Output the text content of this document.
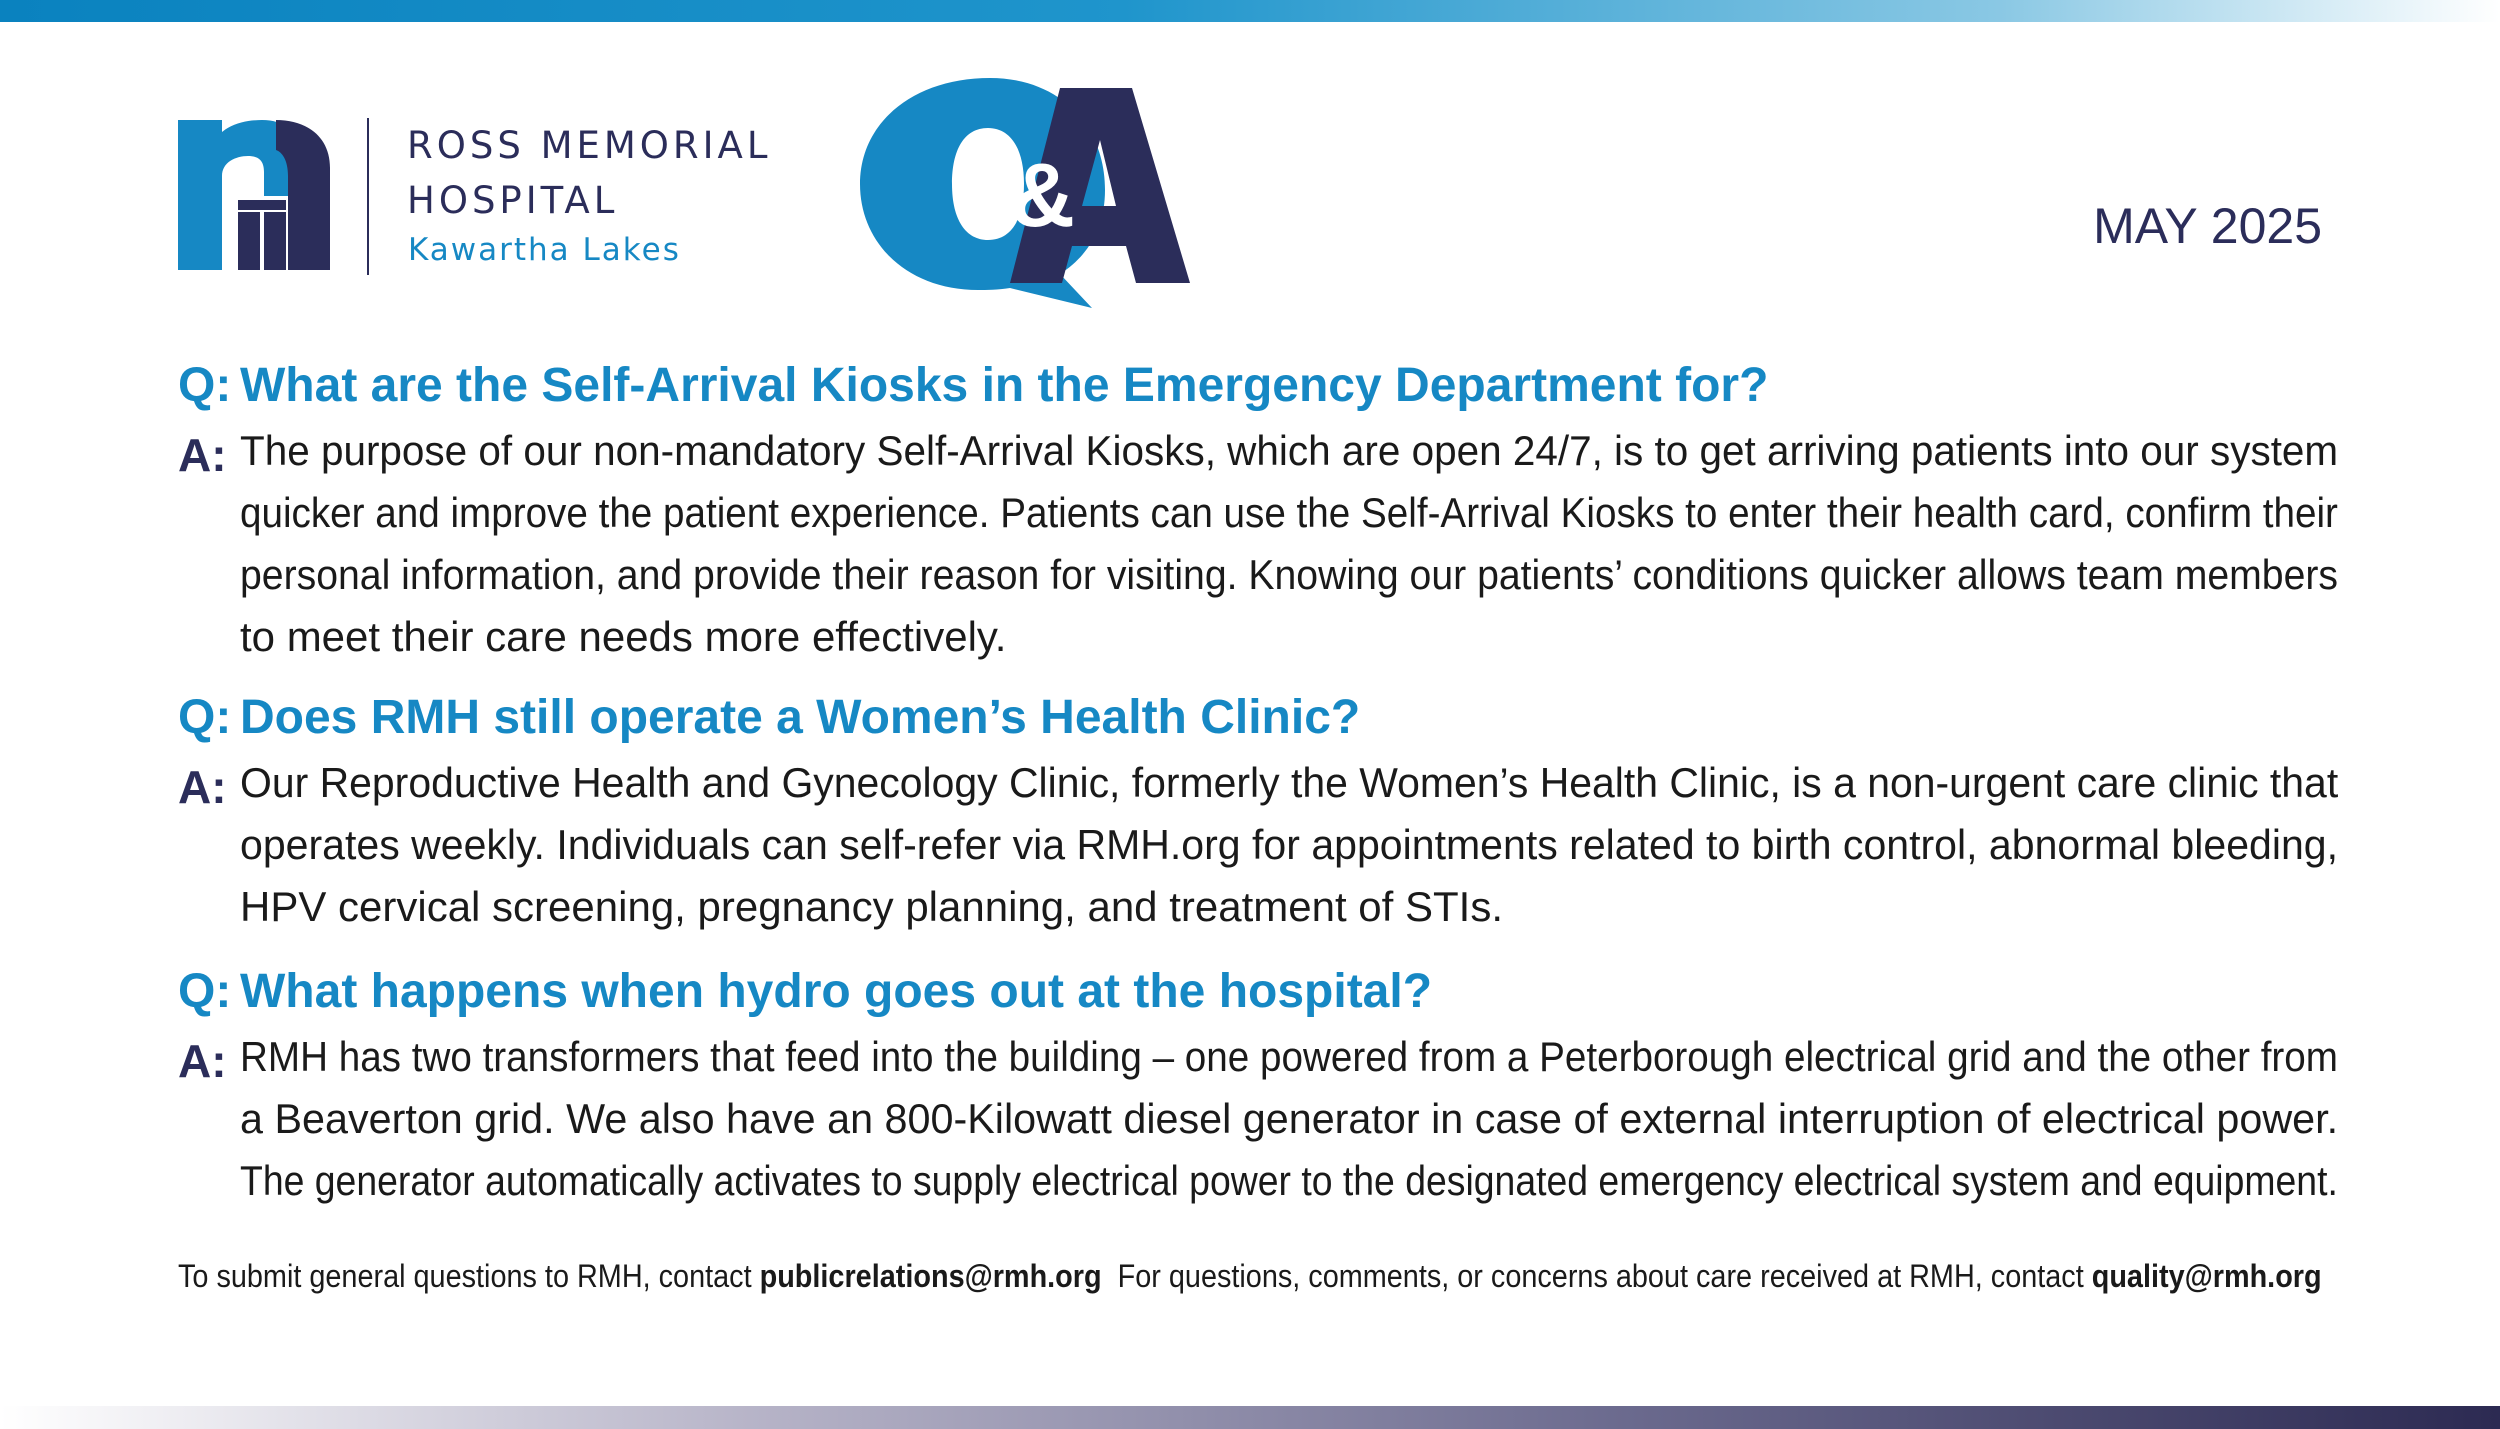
ROSS MEMORIAL
HOSPITAL
Kawartha Lakes
&	MAY 2025
Q: What are the Self-Arrival Kiosks in the Emergency Department for?
A: The purpose of our non-mandatory Self-Arrival Kiosks, which are open 24/7, is to get arriving patients into our system
quicker and improve the patient experience. Patients can use the Self-Arrival Kiosks to enter their health card, confirm their
personal information, and provide their reason for visiting. Knowing our patients’ conditions quicker allows team members
to meet their care needs more effectively.
Q: Does RMH still operate a Women’s Health Clinic?
A: Our Reproductive Health and Gynecology Clinic, formerly the Women’s Health Clinic, is a non-urgent care clinic that
operates weekly. Individuals can self-refer via RMH.org for appointments related to birth control, abnormal bleeding,
HPV cervical screening, pregnancy planning, and treatment of STIs.
Q: What happens when hydro goes out at the hospital?
A: RMH has two transformers that feed into the building – one powered from a Peterborough electrical grid and the other from
a Beaverton grid. We also have an 800-Kilowatt diesel generator in case of external interruption of electrical power.
The generator automatically activates to supply electrical power to the designated emergency electrical system and equipment.
To submit general questions to RMH, contact publicrelations@rmh.org  For questions, comments, or concerns about care received at RMH, contact quality@rmh.org
